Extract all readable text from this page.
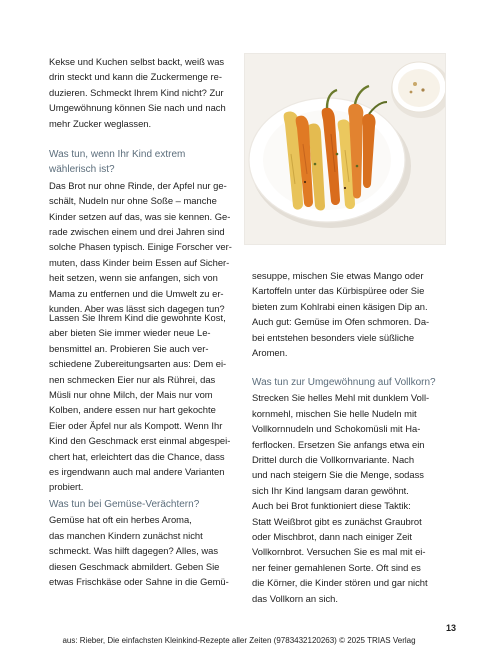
Kekse und Kuchen selbst backt, weiß was
drin steckt und kann die Zuckermenge re-
duzieren. Schmeckt Ihrem Kind nicht? Zur
Umgewöhnung können Sie nach und nach
mehr Zucker weglassen.

Was tun, wenn Ihr Kind extrem
wählerisch ist?

Das Brot nur ohne Rinde, der Apfel nur ge-
schält, Nudeln nur ohne Soße – manche
Kinder setzen auf das, was sie kennen. Ge-
rade zwischen einem und drei Jahren sind
solche Phasen typisch. Einige Forscher ver-
muten, dass Kinder beim Essen auf Sicher-
heit setzen, wenn sie anfangen, sich von
Mama zu entfernen und die Umwelt zu er-
kunden. Aber was lässt sich dagegen tun?

Lassen Sie Ihrem Kind die gewohnte Kost,
aber bieten Sie immer wieder neue Le-
bensmittel an. Probieren Sie auch ver-
schiedene Zubereitungsarten aus: Dem ei-
nen schmecken Eier nur als Rührei, das
Müsli nur ohne Milch, der Mais nur vom
Kolben, andere essen nur hart gekochte
Eier oder Äpfel nur als Kompott. Wenn Ihr
Kind den Geschmack erst einmal abgespei-
chert hat, erleichtert das die Chance, dass
es irgendwann auch mal andere Varianten
probiert.

Was tun bei Gemüse-Verächtern?

Gemüse hat oft ein herbes Aroma,
das manchen Kindern zunächst nicht
schmeckt. Was hilft dagegen? Alles, was
diesen Geschmack abmildert. Geben Sie
etwas Frischkäse oder Sahne in die Gemü-

sesuppe, mischen Sie etwas Mango oder
Kartoffeln unter das Kürbispüree oder Sie
bieten zum Kohlrabi einen käsigen Dip an.
Auch gut: Gemüse im Ofen schmoren. Da-
bei entstehen besonders viele süßliche
Aromen.

Was tun zur Umgewöhnung auf Vollkorn?

Strecken Sie helles Mehl mit dunklem Voll-
kornmehl, mischen Sie helle Nudeln mit
Vollkornnudeln und Schokomüsli mit Ha-
ferflocken. Ersetzen Sie anfangs etwa ein
Drittel durch die Vollkornvariante. Nach
und nach steigern Sie die Menge, sodass
sich Ihr Kind langsam daran gewöhnt.
Auch bei Brot funktioniert diese Taktik:
Statt Weißbrot gibt es zunächst Graubrot
oder Mischbrot, dann nach einiger Zeit
Vollkornbrot. Versuchen Sie es mal mit ei-
ner feiner gemahlenen Sorte. Oft sind es
die Körner, die Kinder stören und gar nicht
das Vollkorn an sich.

13
aus: Rieber, Die einfachsten Kleinkind-Rezepte aller Zeiten (9783432120263) © 2025 TRIAS Verlag
